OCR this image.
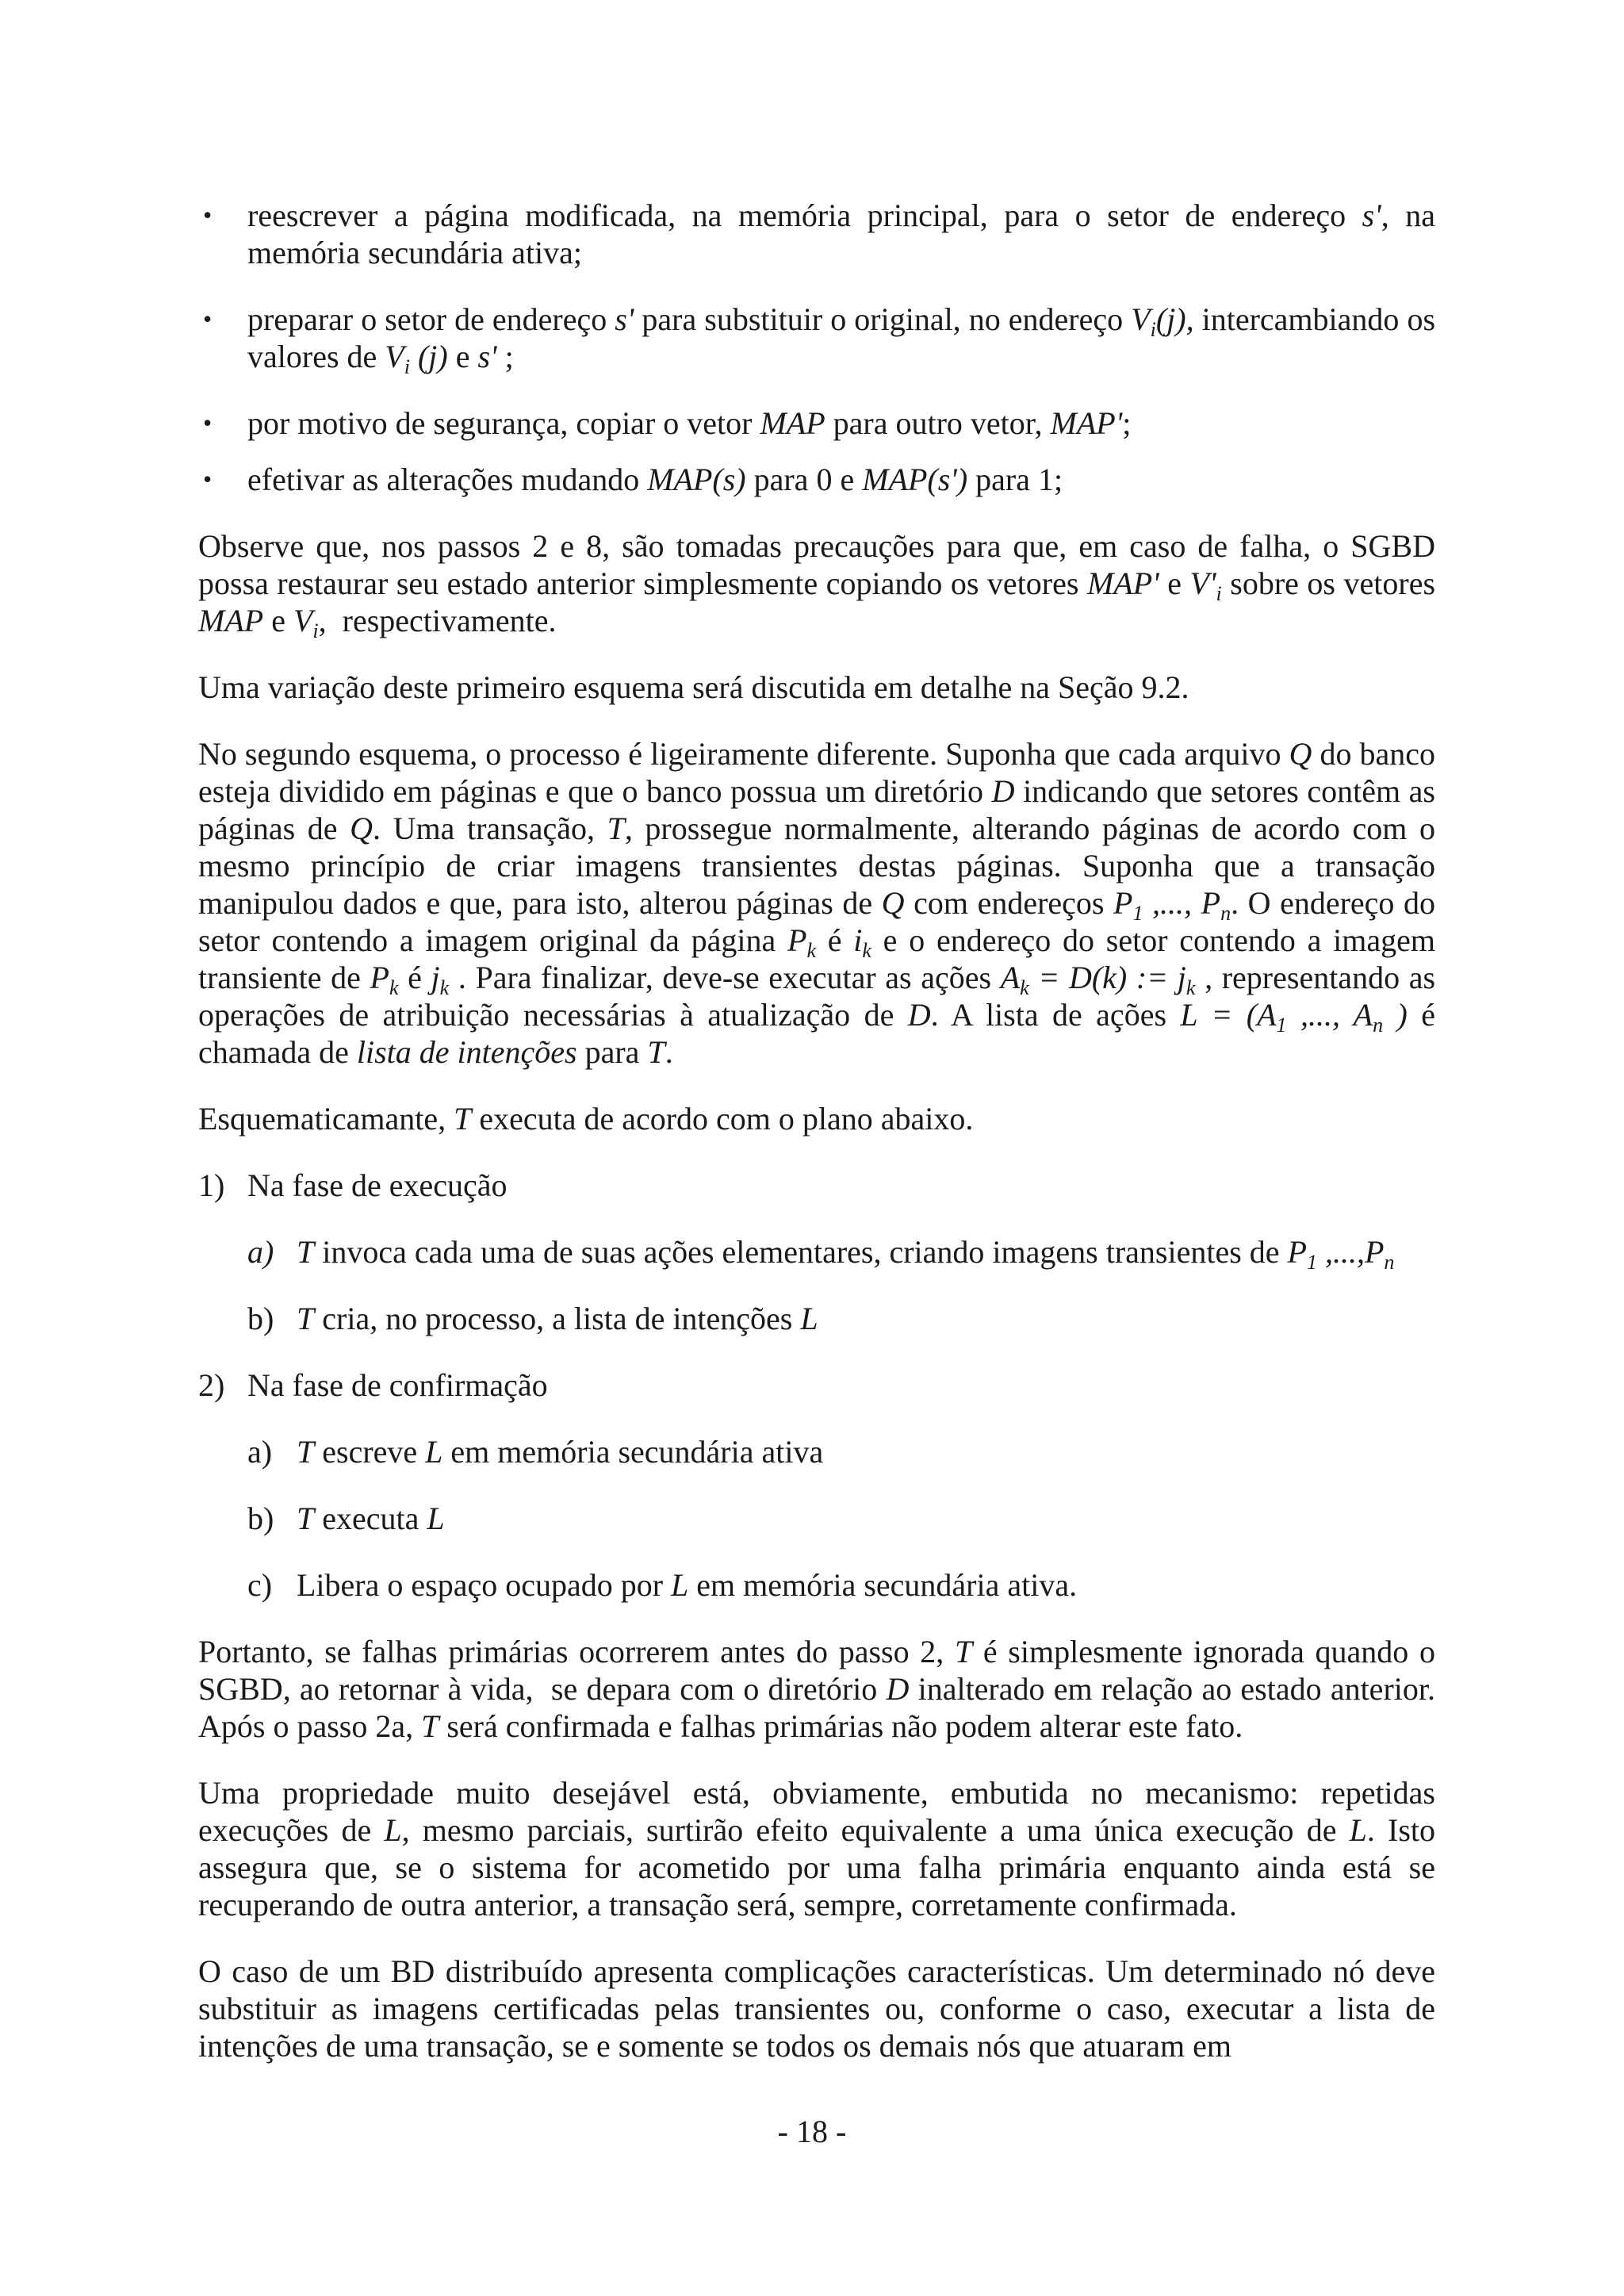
• reescrever a página modificada, na memória principal, para o setor de endereço s', na memória secundária ativa;
• preparar o setor de endereço s' para substituir o original, no endereço $V_i(j)$, intercambiando os valores de $V_i$ (j) e s' ;
• por motivo de segurança, copiar o vetor MAP para outro vetor, MAP';
• efetivar as alterações mudando MAP(s) para 0 e MAP(s') para 1;

Observe que, nos passos 2 e 8, são tomadas precauções para que, em caso de falha, o SGBD possa restaurar seu estado anterior simplesmente copiando os vetores MAP' e $V'_i$ sobre os vetores MAP e $V_i$,  respectivamente.

Uma variação deste primeiro esquema será discutida em detalhe na Seção 9.2.

No segundo esquema, o processo é ligeiramente diferente. Suponha que cada arquivo Q do banco esteja dividido em páginas e que o banco possua um diretório D indicando que setores contêm as páginas de Q. Uma transação, T, prossegue normalmente, alterando páginas de acordo com o mesmo princípio de criar imagens transientes destas páginas. Suponha que a transação manipulou dados e que, para isto, alterou páginas de Q com endereços $P_1$ ,..., $P_n$. O endereço do setor contendo a imagem original da página $P_k$ é $i_k$ e o endereço do setor contendo a imagem transiente de $P_k$ é $j_k$ . Para finalizar, deve-se executar as ações $A_k = D(k)$ := $j_k$ , representando as operações de atribuição necessárias à atualização de D. A lista de ações $L = (A_1$ ,..., $A_n$ ) é chamada de lista de intenções para T.

Esquematicamante, T executa de acordo com o plano abaixo.

1) Na fase de execução
a) T invoca cada uma de suas ações elementares, criando imagens transientes de $P_1$ $,...,P_n$
b) T cria, no processo, a lista de intenções L
2) Na fase de confirmação
a) T escreve L em memória secundária ativa
b) T executa L
c) Libera o espaço ocupado por L em memória secundária ativa.

Portanto, se falhas primárias ocorrerem antes do passo 2, T é simplesmente ignorada quando o SGBD, ao retornar à vida,  se depara com o diretório D inalterado em relação ao estado anterior. Após o passo 2a, T será confirmada e falhas primárias não podem alterar este fato.

Uma propriedade muito desejável está, obviamente, embutida no mecanismo: repetidas execuções de L, mesmo parciais, surtirão efeito equivalente a uma única execução de L. Isto assegura que, se o sistema for acometido por uma falha primária enquanto ainda está se recuperando de outra anterior, a transação será, sempre, corretamente confirmada.

O caso de um BD distribuído apresenta complicações características. Um determinado nó deve substituir as imagens certificadas pelas transientes ou, conforme o caso, executar a lista de intenções de uma transação, se e somente se todos os demais nós que atuaram em

- 18 -
